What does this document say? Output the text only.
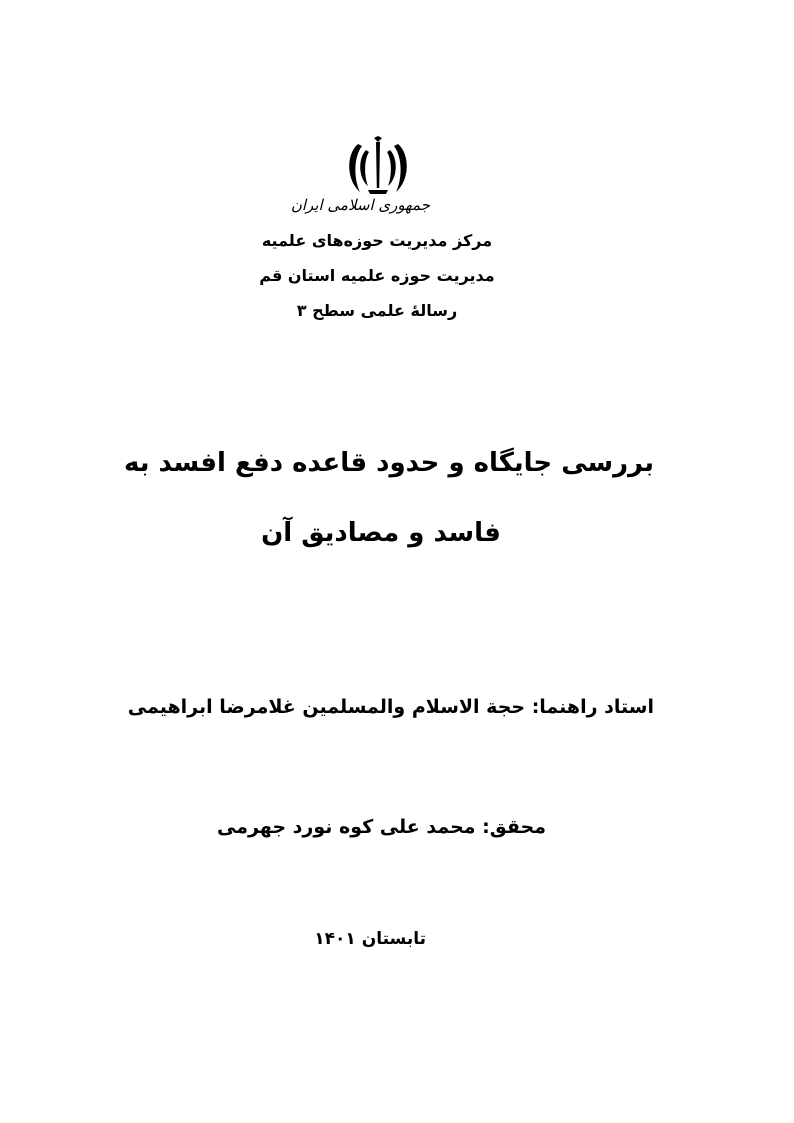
جمهوری اسلامی ایران
مرکز مدیریت حوزه‌های علمیه
مدیریت حوزه علمیه استان قم
رسالۀ علمی سطح ۳
بررسی جایگاه و حدود قاعده دفع افسد به
فاسد و مصادیق آن
استاد راهنما: حجة الاسلام والمسلمین غلامرضا ابراهیمی
محقق: محمد علی کوه نورد جهرمی
تابستان ۱۴۰۱
